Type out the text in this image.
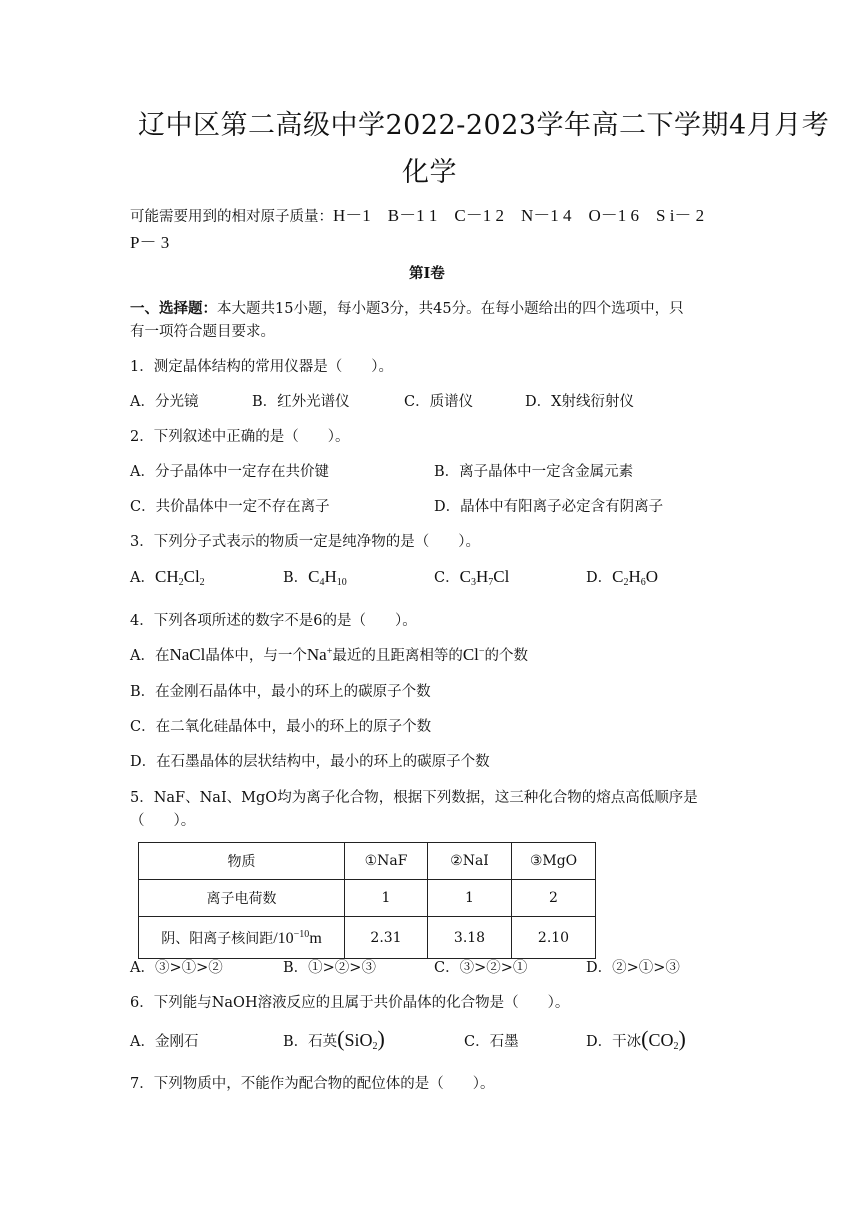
辽中区第二高级中学2022-2023学年高二下学期4月月考
化学
可能需要用到的相对原子质量：H－1　B－1 1　C－1 2　N－1 4　O－1 6　S i－ 2
P－ 3
第Ⅰ卷
一、选择题：本大题共15小题，每小题3分，共45分。在每小题给出的四个选项中，只
有一项符合题目要求。
1．测定晶体结构的常用仪器是（　　）。
A．分光镜	B．红外光谱仪	C．质谱仪	D．X射线衍射仪
2．下列叙述中正确的是（　　）。
A．分子晶体中一定存在共价键	B．离子晶体中一定含金属元素
C．共价晶体中一定不存在离子	D．晶体中有阳离子必定含有阴离子
3．下列分子式表示的物质一定是纯净物的是（　　）。
A．$CH_2Cl_2$	B．$C_4H_{10}$	C．$C_3H_7Cl$	D．$C_2H_6O$
4．下列各项所述的数字不是6的是（　　）。
A．在NaCl晶体中，与一个Na+最近的且距离相等的Cl−的个数
B．在金刚石晶体中，最小的环上的碳原子个数
C．在二氧化硅晶体中，最小的环上的原子个数
D．在石墨晶体的层状结构中，最小的环上的碳原子个数
5．NaF、NaI、MgO均为离子化合物，根据下列数据，这三种化合物的熔点高低顺序是
（　　）。
物质	①NaF	②NaI	③MgO
离子电荷数	1	1	2
阴、阳离子核间距$/10^{-10}m$	2.31	3.18	2.10
A．③>①>②	B．①>②>③	C．③>②>①	D．②>①>③
6．下列能与NaOH溶液反应的且属于共价晶体的化合物是（　　）。
A．金刚石	B．石英(SiO$_2$)	C．石墨	D．干冰$(CO_2)$
7．下列物质中，不能作为配合物的配位体的是（　　）。
